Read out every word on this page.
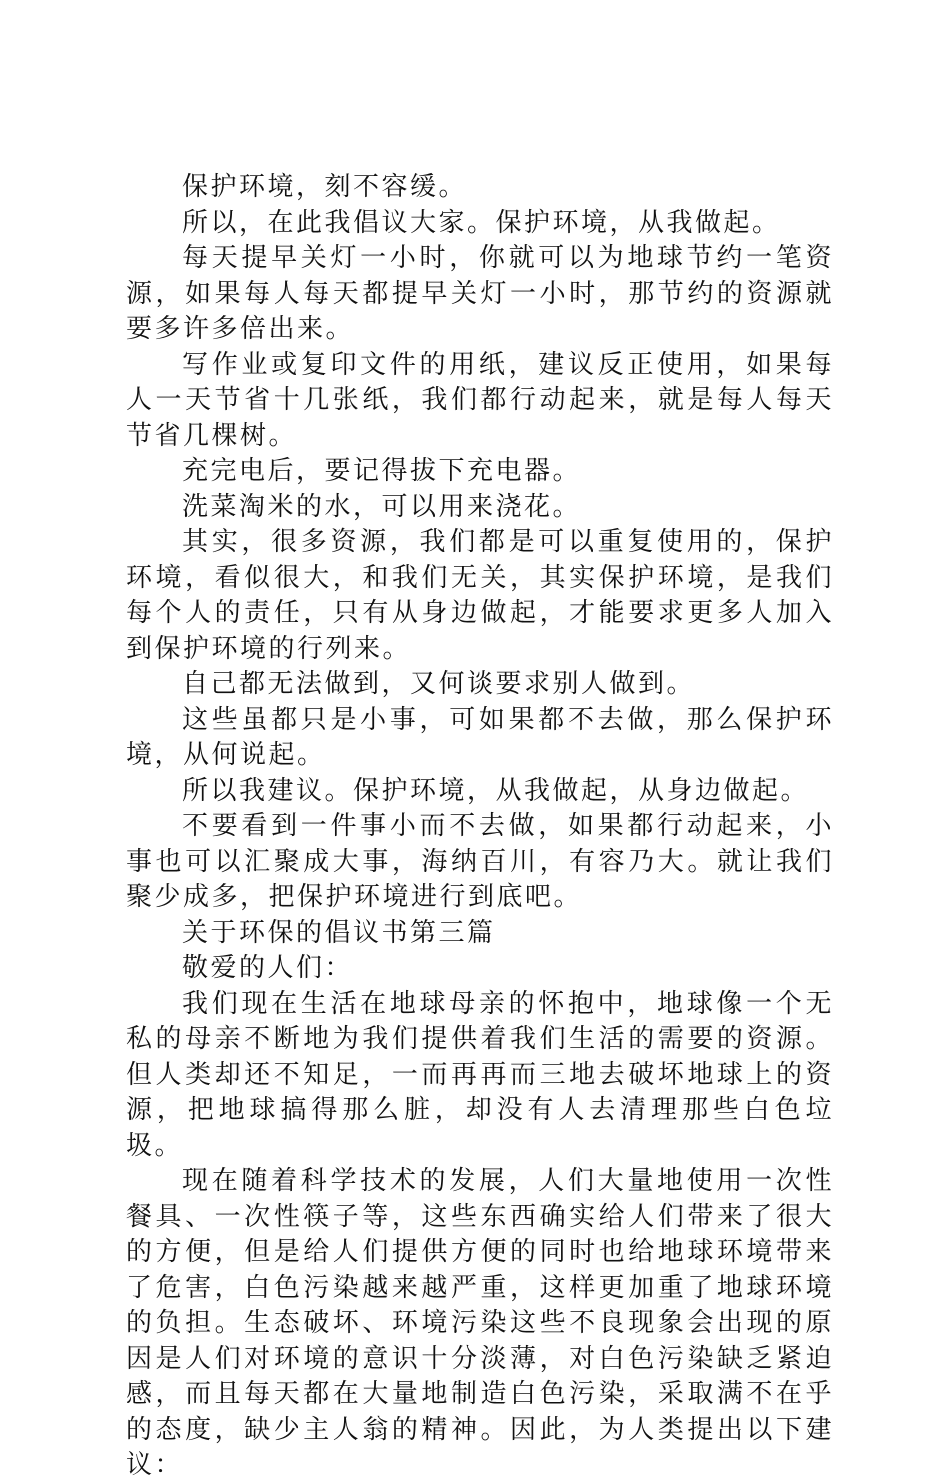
保护环境，刻不容缓。

所以，在此我倡议大家。保护环境，从我做起。

每天提早关灯一小时，你就可以为地球节约一笔资源，如果每人每天都提早关灯一小时，那节约的资源就要多许多倍出来。

写作业或复印文件的用纸，建议反正使用，如果每人一天节省十几张纸，我们都行动起来，就是每人每天节省几棵树。

充完电后，要记得拔下充电器。

洗菜淘米的水，可以用来浇花。

其实，很多资源，我们都是可以重复使用的，保护环境，看似很大，和我们无关，其实保护环境，是我们每个人的责任，只有从身边做起，才能要求更多人加入到保护环境的行列来。

自己都无法做到，又何谈要求别人做到。

这些虽都只是小事，可如果都不去做，那么保护环境，从何说起。

所以我建议。保护环境，从我做起，从身边做起。

不要看到一件事小而不去做，如果都行动起来，小事也可以汇聚成大事，海纳百川，有容乃大。就让我们聚少成多，把保护环境进行到底吧。

关于环保的倡议书第三篇

敬爱的人们：

我们现在生活在地球母亲的怀抱中，地球像一个无私的母亲不断地为我们提供着我们生活的需要的资源。但人类却还不知足，一而再再而三地去破坏地球上的资源，把地球搞得那么脏，却没有人去清理那些白色垃圾。

现在随着科学技术的发展，人们大量地使用一次性餐具、一次性筷子等，这些东西确实给人们带来了很大的方便，但是给人们提供方便的同时也给地球环境带来了危害，白色污染越来越严重，这样更加重了地球环境的负担。生态破坏、环境污染这些不良现象会出现的原因是人们对环境的意识十分淡薄，对白色污染缺乏紧迫感，而且每天都在大量地制造白色污染，采取满不在乎的态度，缺少主人翁的精神。因此，为人类提出以下建议：
